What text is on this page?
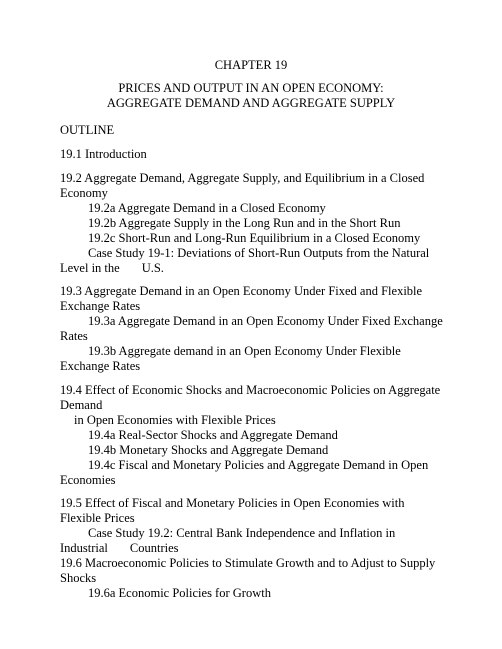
CHAPTER 19
PRICES AND OUTPUT IN AN OPEN ECONOMY:
AGGREGATE DEMAND AND AGGREGATE SUPPLY
OUTLINE
19.1 Introduction
19.2 Aggregate Demand, Aggregate Supply, and Equilibrium in a Closed
Economy
19.2a Aggregate Demand in a Closed Economy
19.2b Aggregate Supply in the Long Run and in the Short Run
19.2c Short-Run and Long-Run Equilibrium in a Closed Economy
Case Study 19-1: Deviations of Short-Run Outputs from the Natural
Level in the U.S.
19.3 Aggregate Demand in an Open Economy Under Fixed and Flexible
Exchange Rates
19.3a Aggregate Demand in an Open Economy Under Fixed Exchange
Rates
19.3b Aggregate demand in an Open Economy Under Flexible
Exchange Rates
19.4 Effect of Economic Shocks and Macroeconomic Policies on Aggregate
Demand
in Open Economies with Flexible Prices
19.4a Real-Sector Shocks and Aggregate Demand
19.4b Monetary Shocks and Aggregate Demand
19.4c Fiscal and Monetary Policies and Aggregate Demand in Open
Economies
19.5 Effect of Fiscal and Monetary Policies in Open Economies with
Flexible Prices
Case Study 19.2: Central Bank Independence and Inflation in
Industrial Countries
19.6 Macroeconomic Policies to Stimulate Growth and to Adjust to Supply
Shocks
19.6a Economic Policies for Growth
